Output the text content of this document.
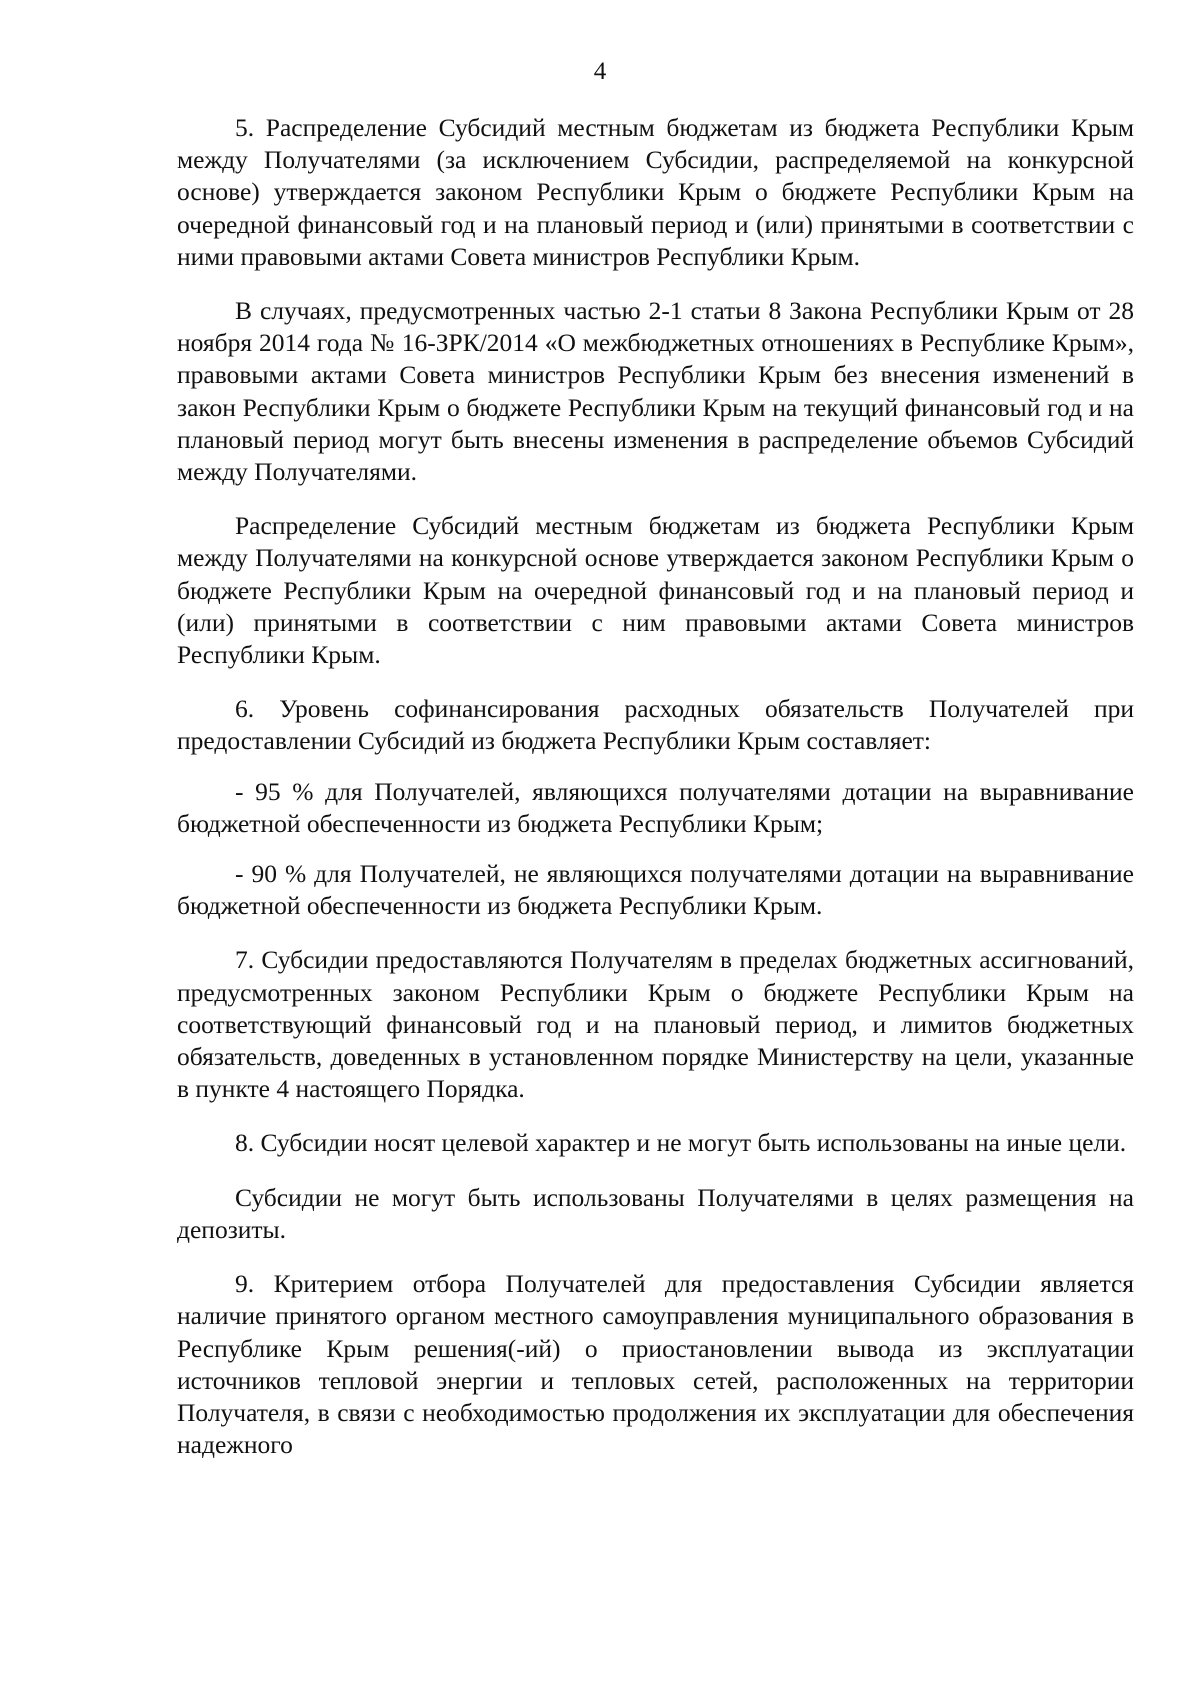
4

5. Распределение Субсидий местным бюджетам из бюджета Республики Крым между Получателями (за исключением Субсидии, распределяемой на конкурсной основе) утверждается законом Республики Крым о бюджете Республики Крым на очередной финансовый год и на плановый период и (или) принятыми в соответствии с ними правовыми актами Совета министров Республики Крым.

В случаях, предусмотренных частью 2-1 статьи 8 Закона Республики Крым от 28 ноября 2014 года № 16-ЗРК/2014 «О межбюджетных отношениях в Республике Крым», правовыми актами Совета министров Республики Крым без внесения изменений в закон Республики Крым о бюджете Республики Крым на текущий финансовый год и на плановый период могут быть внесены изменения в распределение объемов Субсидий между Получателями.

Распределение Субсидий местным бюджетам из бюджета Республики Крым между Получателями на конкурсной основе утверждается законом Республики Крым о бюджете Республики Крым на очередной финансовый год и на плановый период и (или) принятыми в соответствии с ним правовыми актами Совета министров Республики Крым.

6. Уровень софинансирования расходных обязательств Получателей при предоставлении Субсидий из бюджета Республики Крым составляет:

- 95 % для Получателей, являющихся получателями дотации на выравнивание бюджетной обеспеченности из бюджета Республики Крым;

- 90 % для Получателей, не являющихся получателями дотации на выравнивание бюджетной обеспеченности из бюджета Республики Крым.

7. Субсидии предоставляются Получателям в пределах бюджетных ассигнований, предусмотренных законом Республики Крым о бюджете Республики Крым на соответствующий финансовый год и на плановый период, и лимитов бюджетных обязательств, доведенных в установленном порядке Министерству на цели, указанные в пункте 4 настоящего Порядка.

8. Субсидии носят целевой характер и не могут быть использованы на иные цели.

Субсидии не могут быть использованы Получателями в целях размещения на депозиты.

9. Критерием отбора Получателей для предоставления Субсидии является наличие принятого органом местного самоуправления муниципального образования в Республике Крым решения(-ий) о приостановлении вывода из эксплуатации источников тепловой энергии и тепловых сетей, расположенных на территории Получателя, в связи с необходимостью продолжения их эксплуатации для обеспечения надежного
